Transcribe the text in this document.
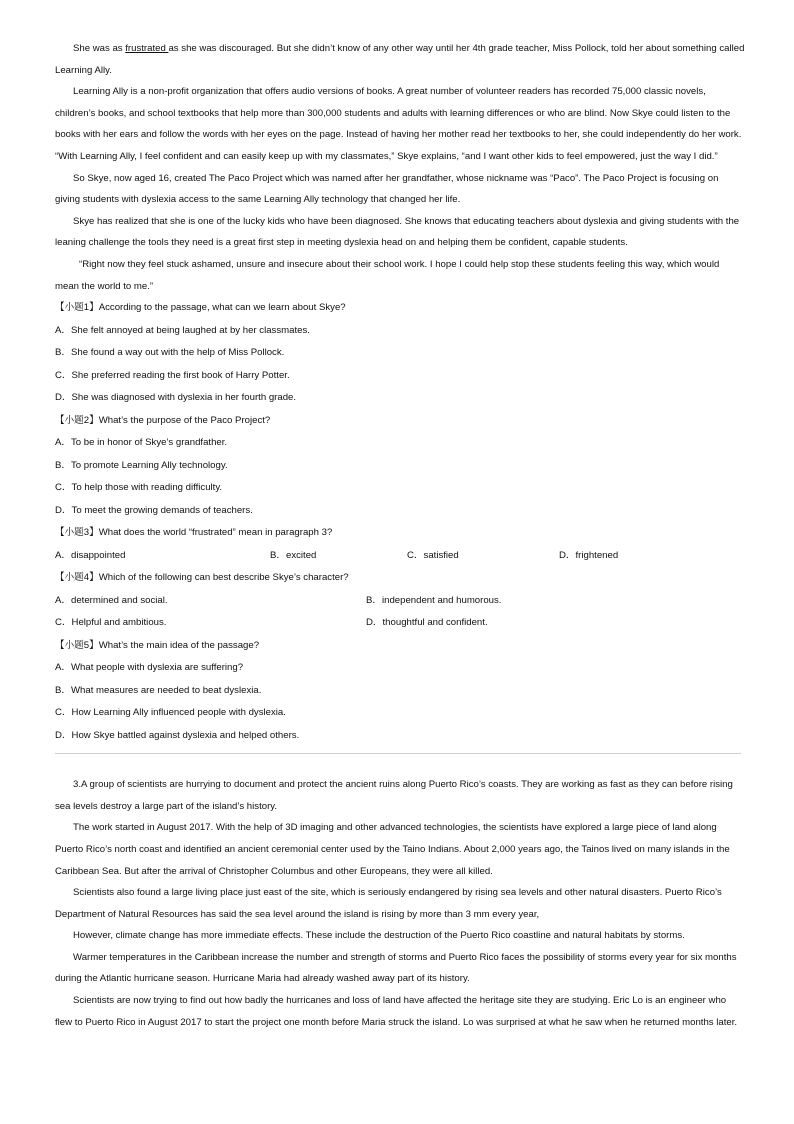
She was as frustrated as she was discouraged. But she didn’t know of any other way until her 4th grade teacher, Miss Pollock, told her about something called Learning Ally.

Learning Ally is a non-profit organization that offers audio versions of books. A great number of volunteer readers has recorded 75,000 classic novels, children’s books, and school textbooks that help more than 300,000 students and adults with learning differences or who are blind. Now Skye could listen to the books with her ears and follow the words with her eyes on the page. Instead of having her mother read her textbooks to her, she could independently do her work. “With Learning Ally, I feel confident and can easily keep up with my classmates,” Skye explains, “and I want other kids to feel empowered, just the way I did.”

So Skye, now aged 16, created The Paco Project which was named after her grandfather, whose nickname was “Paco”. The Paco Project is focusing on giving students with dyslexia access to the same Learning Ally technology that changed her life.

Skye has realized that she is one of the lucky kids who have been diagnosed. She knows that educating teachers about dyslexia and giving students with the leaning challenge the tools they need is a great first step in meeting dyslexia head on and helping them be confident, capable students.

“Right now they feel stuck ashamed, unsure and insecure about their school work. I hope I could help stop these students feeling this way, which would mean the world to me.”

【小题1】According to the passage, what can we learn about Skye?

A．She felt annoyed at being laughed at by her classmates.

B．She found a way out with the help of Miss Pollock.

C．She preferred reading the first book of Harry Potter.

D．She was diagnosed with dyslexia in her fourth grade.

【小题2】What’s the purpose of the Paco Project?

A．To be in honor of Skye’s grandfather.

B．To promote Learning Ally technology.

C．To help those with reading difficulty.

D．To meet the growing demands of teachers.

【小题3】What does the world “frustrated” mean in paragraph 3?

A．disappointed	B．excited	C．satisfied	D．frightened

【小题4】Which of the following can best describe Skye’s character?

A．determined and social.	B．independent and humorous.
C．Helpful and ambitious.	D．thoughtful and confident.

【小题5】What’s the main idea of the passage?

A．What people with dyslexia are suffering?

B．What measures are needed to beat dyslexia.

C．How Learning Ally influenced people with dyslexia.

D．How Skye battled against dyslexia and helped others.

3.A group of scientists are hurrying to document and protect the ancient ruins along Puerto Rico’s coasts. They are working as fast as they can before rising sea levels destroy a large part of the island’s history.

The work started in August 2017. With the help of 3D imaging and other advanced technologies, the scientists have explored a large piece of land along Puerto Rico’s north coast and identified an ancient ceremonial center used by the Taino Indians. About 2,000 years ago, the Tainos lived on many islands in the Caribbean Sea. But after the arrival of Christopher Columbus and other Europeans, they were all killed.

Scientists also found a large living place just east of the site, which is seriously endangered by rising sea levels and other natural disasters. Puerto Rico’s Department of Natural Resources has said the sea level around the island is rising by more than 3 mm every year,

However, climate change has more immediate effects. These include the destruction of the Puerto Rico coastline and natural habitats by storms.

Warmer temperatures in the Caribbean increase the number and strength of storms and Puerto Rico faces the possibility of storms every year for six months during the Atlantic hurricane season. Hurricane Maria had already washed away part of its history.

Scientists are now trying to find out how badly the hurricanes and loss of land have affected the heritage site they are studying. Eric Lo is an engineer who flew to Puerto Rico in August 2017 to start the project one month before Maria struck the island. Lo was surprised at what he saw when he returned months later.
